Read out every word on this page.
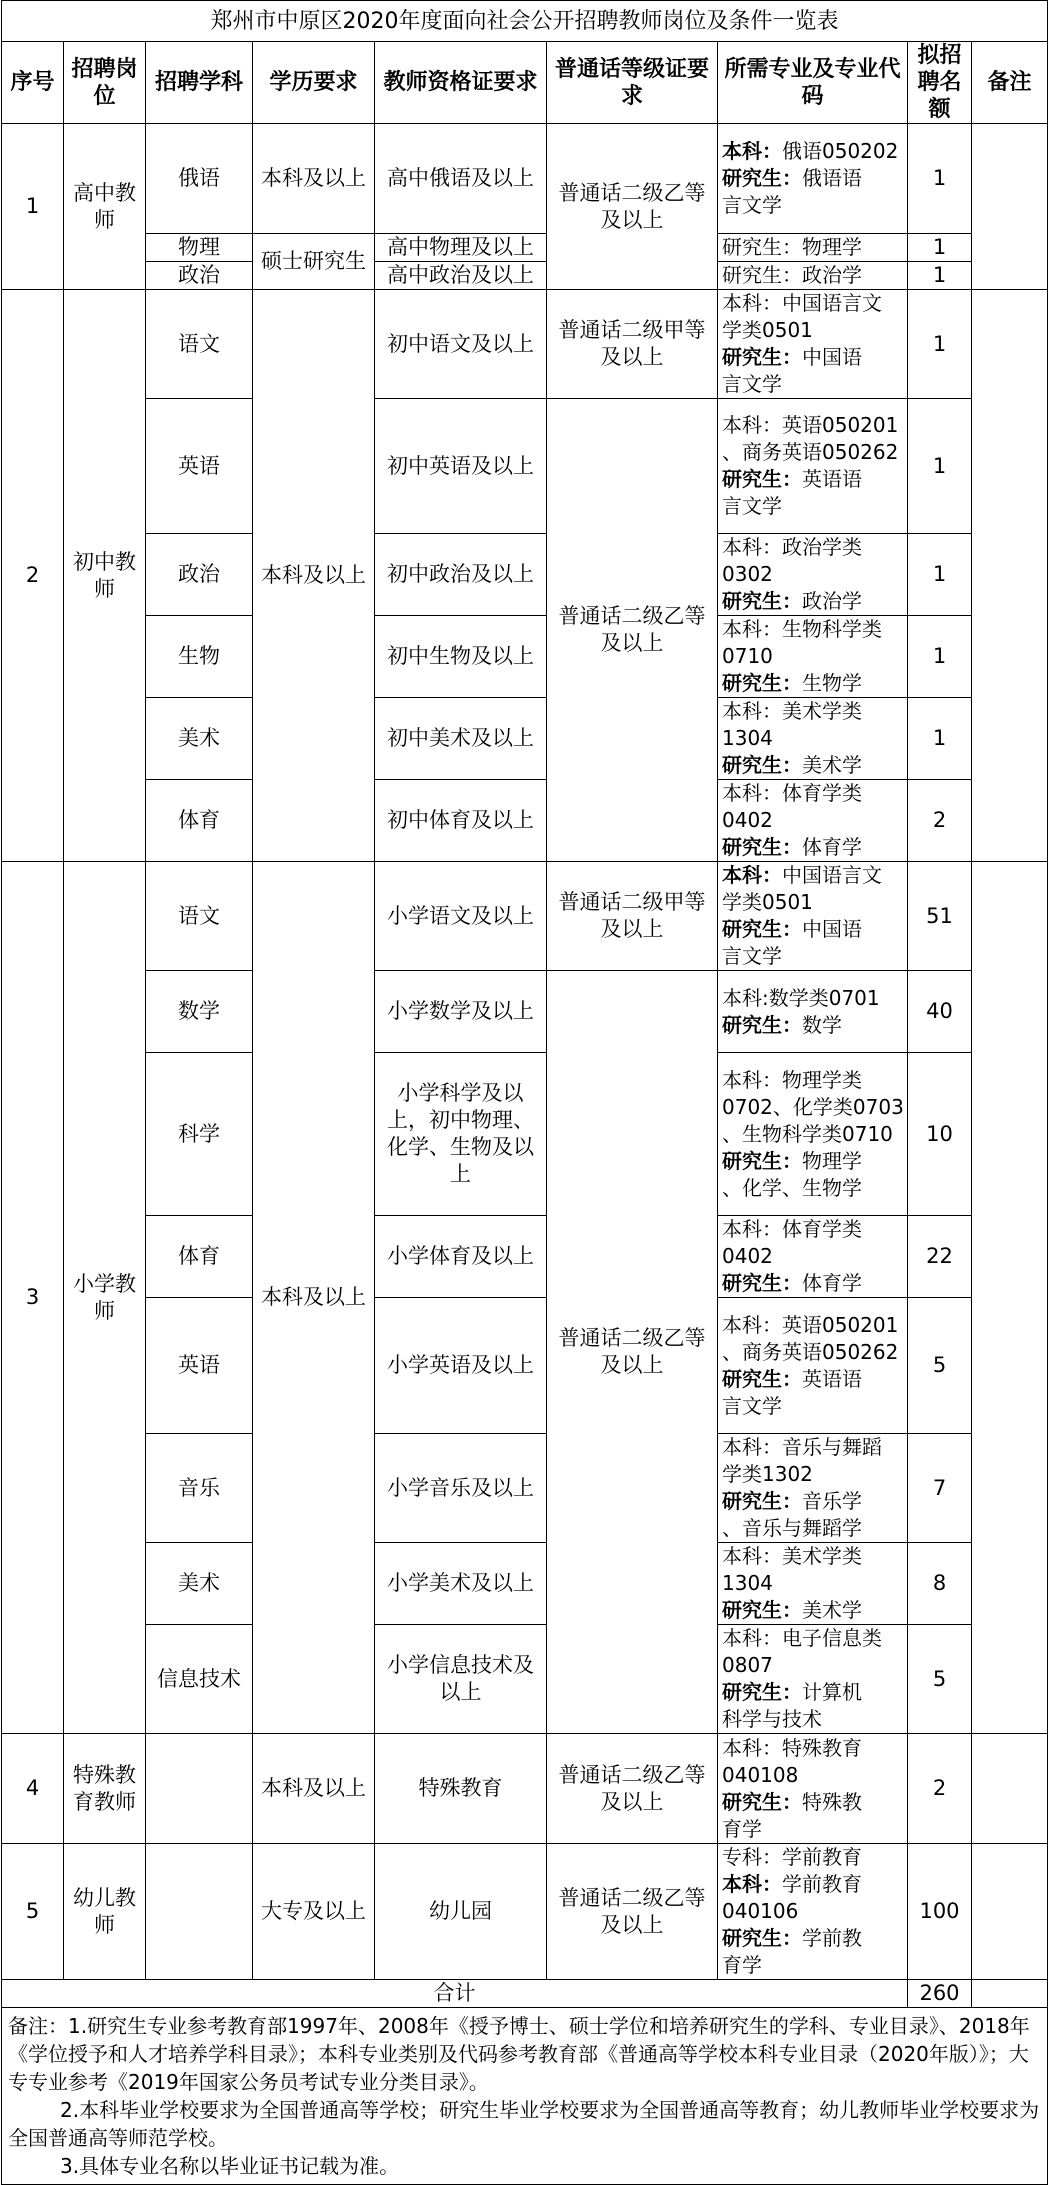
郑州市中原区2020年度面向社会公开招聘教师岗位及条件一览表								
序号	招聘岗位	招聘学科	学历要求	教师资格证要求	普通话等级证要求	所需专业及专业代码	拟招聘名额	备注
1	高中教师	俄语	本科及以上	高中俄语及以上	普通话二级乙等及以上	本科：俄语050202
研究生：俄语语
言文学	1	
		物理	硕士研究生	高中物理及以上		研究生：物理学	1	
		政治		高中政治及以上		研究生：政治学	1	
2	初中教师	语文	本科及以上	初中语文及以上	普通话二级甲等及以上	本科：中国语言文
学类0501
研究生：中国语
言文学	1	
		英语		初中英语及以上	普通话二级乙等及以上	本科：英语050201
、商务英语050262
研究生：英语语
言文学	1	
		政治		初中政治及以上		本科：政治学类
0302
研究生：政治学	1	
		生物		初中生物及以上		本科：生物科学类
0710
研究生：生物学	1	
		美术		初中美术及以上		本科：美术学类
1304
研究生：美术学	1	
		体育		初中体育及以上		本科：体育学类
0402
研究生：体育学	2	
3	小学教师	语文	本科及以上	小学语文及以上	普通话二级甲等及以上	本科：中国语言文
学类0501
研究生：中国语
言文学	51	
		数学		小学数学及以上	普通话二级乙等及以上	本科:数学类0701
研究生：数学	40	
		科学		小学科学及以上，初中物理、化学、生物及以上		本科：物理学类
0702、化学类0703
、生物科学类0710
研究生：物理学
、化学、生物学	10	
		体育		小学体育及以上		本科：体育学类
0402
研究生：体育学	22	
		英语		小学英语及以上		本科：英语050201
、商务英语050262
研究生：英语语
言文学	5	
		音乐		小学音乐及以上		本科：音乐与舞蹈
学类1302
研究生：音乐学
、音乐与舞蹈学	7	
		美术		小学美术及以上		本科：美术学类
1304
研究生：美术学	8	
		信息技术		小学信息技术及以上		本科：电子信息类
0807
研究生：计算机
科学与技术	5	
4	特殊教育教师		本科及以上	特殊教育	普通话二级乙等及以上	本科：特殊教育
040108
研究生：特殊教
育学	2	
5	幼儿教师		大专及以上	幼儿园	普通话二级乙等及以上	专科：学前教育
本科：学前教育
040106
研究生：学前教
育学	100	
合计							260	

备注：1.研究生专业参考教育部1997年、2008年《授予博士、硕士学位和培养研究生的学科、专业目录》、2018年《学位授予和人才培养学科目录》；本科专业类别及代码参考教育部《普通高等学校本科专业目录（2020年版）》；大专专业参考《2019年国家公务员考试专业分类目录》。
2.本科毕业学校要求为全国普通高等学校；研究生毕业学校要求为全国普通高等教育；幼儿教师毕业学校要求为全国普通高等师范学校。
3.具体专业名称以毕业证书记载为准。								
